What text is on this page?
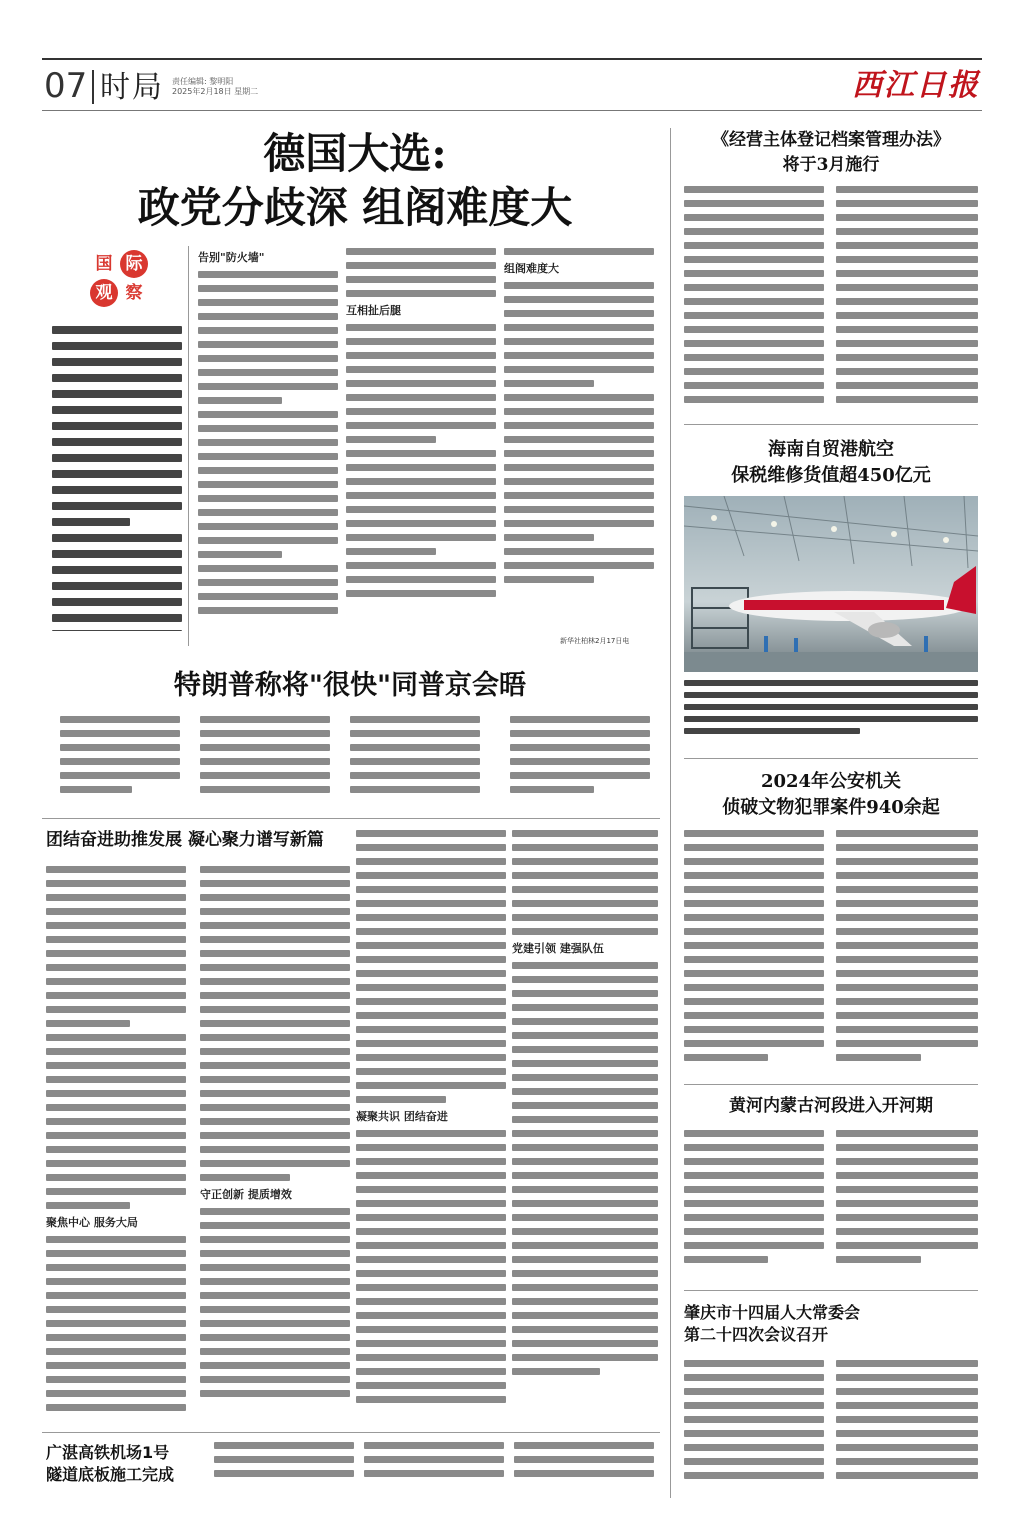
07 时局 责任编辑: 黎明阳
2025年2月18日 星期二	西江日报
德国大选:
政党分歧深 组阁难度大
国 际
观 察
告别"防火墙"
互相扯后腿
组阁难度大
新华社柏林2月17日电
特朗普称将"很快"同普京会晤
团结奋进助推发展 凝心聚力谱写新篇
聚焦中心 服务大局
守正创新 提质增效
凝聚共识 团结奋进
党建引领 建强队伍
广湛高铁机场1号
隧道底板施工完成
《经营主体登记档案管理办法》
将于3月施行
海南自贸港航空
保税维修货值超450亿元
2024年公安机关
侦破文物犯罪案件940余起
黄河内蒙古河段进入开河期
肇庆市十四届人大常委会
第二十四次会议召开
